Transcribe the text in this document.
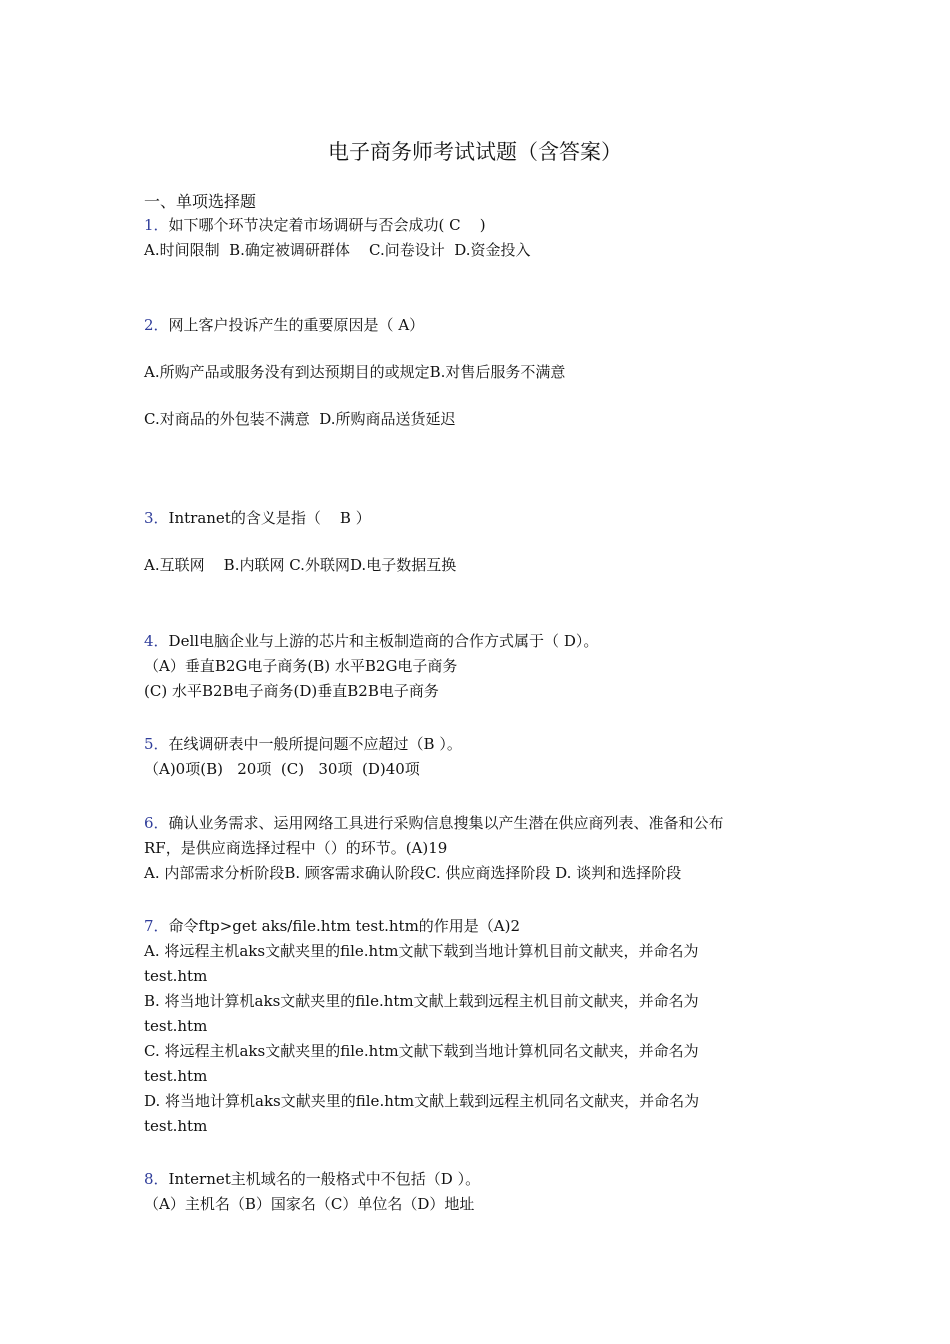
电子商务师考试试题（含答案）
一、单项选择题
1．如下哪个环节决定着市场调研与否会成功( C    )
A.时间限制  B.确定被调研群体    C.问卷设计  D.资金投入
2．网上客户投诉产生的重要原因是（ A）
A.所购产品或服务没有到达预期目的或规定B.对售后服务不满意
C.对商品的外包装不满意  D.所购商品送货延迟
3．Intranet的含义是指（    B ）
A.互联网    B.内联网 C.外联网D.电子数据互换
4．Dell电脑企业与上游的芯片和主板制造商的合作方式属于（ D）。
（A）垂直B2G电子商务(B) 水平B2G电子商务
(C) 水平B2B电子商务(D)垂直B2B电子商务
5．在线调研表中一般所提问题不应超过（B ）。
（A)0项(B)   20项  (C)   30项  (D)40项
6．确认业务需求、运用网络工具进行采购信息搜集以产生潜在供应商列表、准备和公布
RF，是供应商选择过程中（）的环节。(A)19
A. 内部需求分析阶段B. 顾客需求确认阶段C. 供应商选择阶段 D. 谈判和选择阶段
7．命令ftp>get aks/file.htm test.htm的作用是（A)2
A. 将远程主机aks文献夹里的file.htm文献下载到当地计算机目前文献夹，并命名为
test.htm
B. 将当地计算机aks文献夹里的file.htm文献上载到远程主机目前文献夹，并命名为
test.htm
C. 将远程主机aks文献夹里的file.htm文献下载到当地计算机同名文献夹，并命名为
test.htm
D. 将当地计算机aks文献夹里的file.htm文献上载到远程主机同名文献夹，并命名为
test.htm
8．Internet主机域名的一般格式中不包括（D ）。
（A）主机名（B）国家名（C）单位名（D）地址
